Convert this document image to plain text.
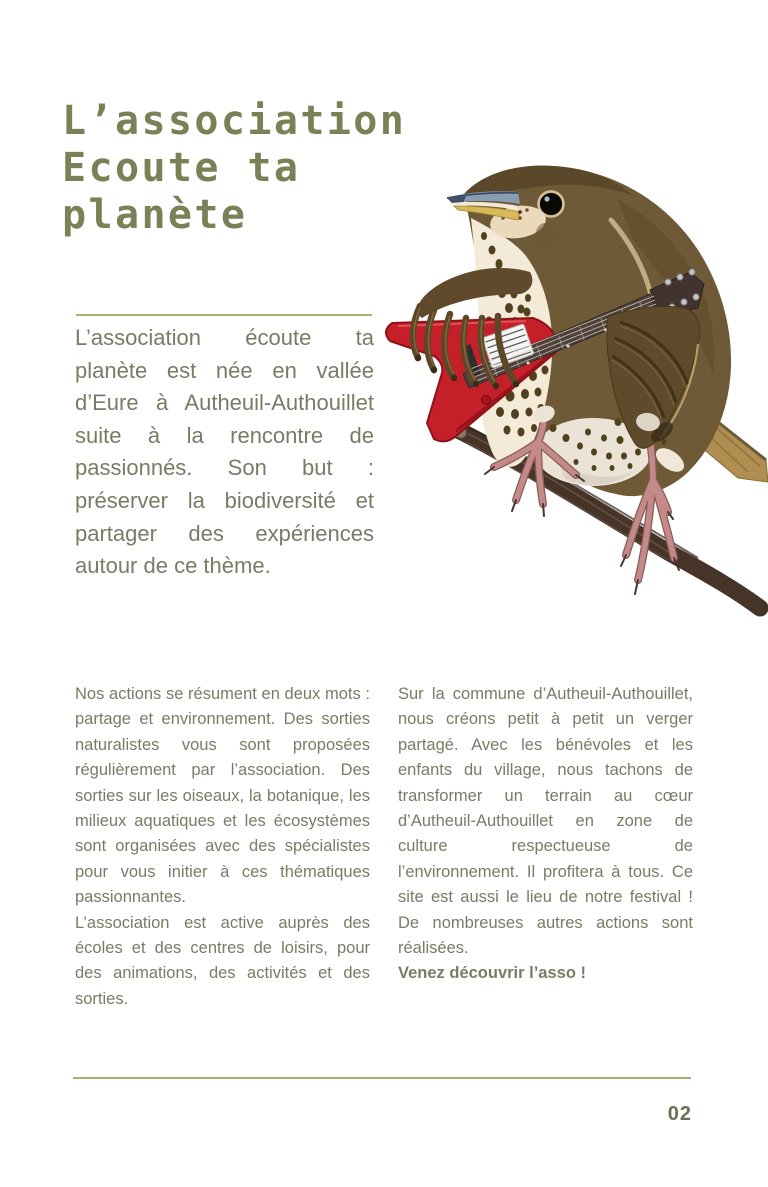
L’association
Ecoute ta
planète

L’association écoute ta planète est née en vallée d’Eure à Autheuil-Authouillet suite à la rencontre de passionnés. Son but : préserver la biodiversité et partager des expériences autour de ce thème.

Nos actions se résument en deux mots : partage et environnement. Des sorties naturalistes vous sont proposées régulièrement par l’association. Des sorties sur les oiseaux, la botanique, les milieux aquatiques et les écosystèmes sont organisées avec des spécialistes pour vous initier à ces thématiques passionnantes.

L’association est active auprès des écoles et des centres de loisirs, pour des animations, des activités et des sorties.

Sur la commune d’Autheuil-Authouillet, nous créons petit à petit un verger partagé. Avec les bénévoles et les enfants du village, nous tachons de transformer un terrain au cœur d’Autheuil-Authouillet en zone de culture respectueuse de l’environnement. Il profitera à tous. Ce site est aussi le lieu de notre festival ! De nombreuses autres actions sont réalisées.

Venez découvrir l’asso !

02
